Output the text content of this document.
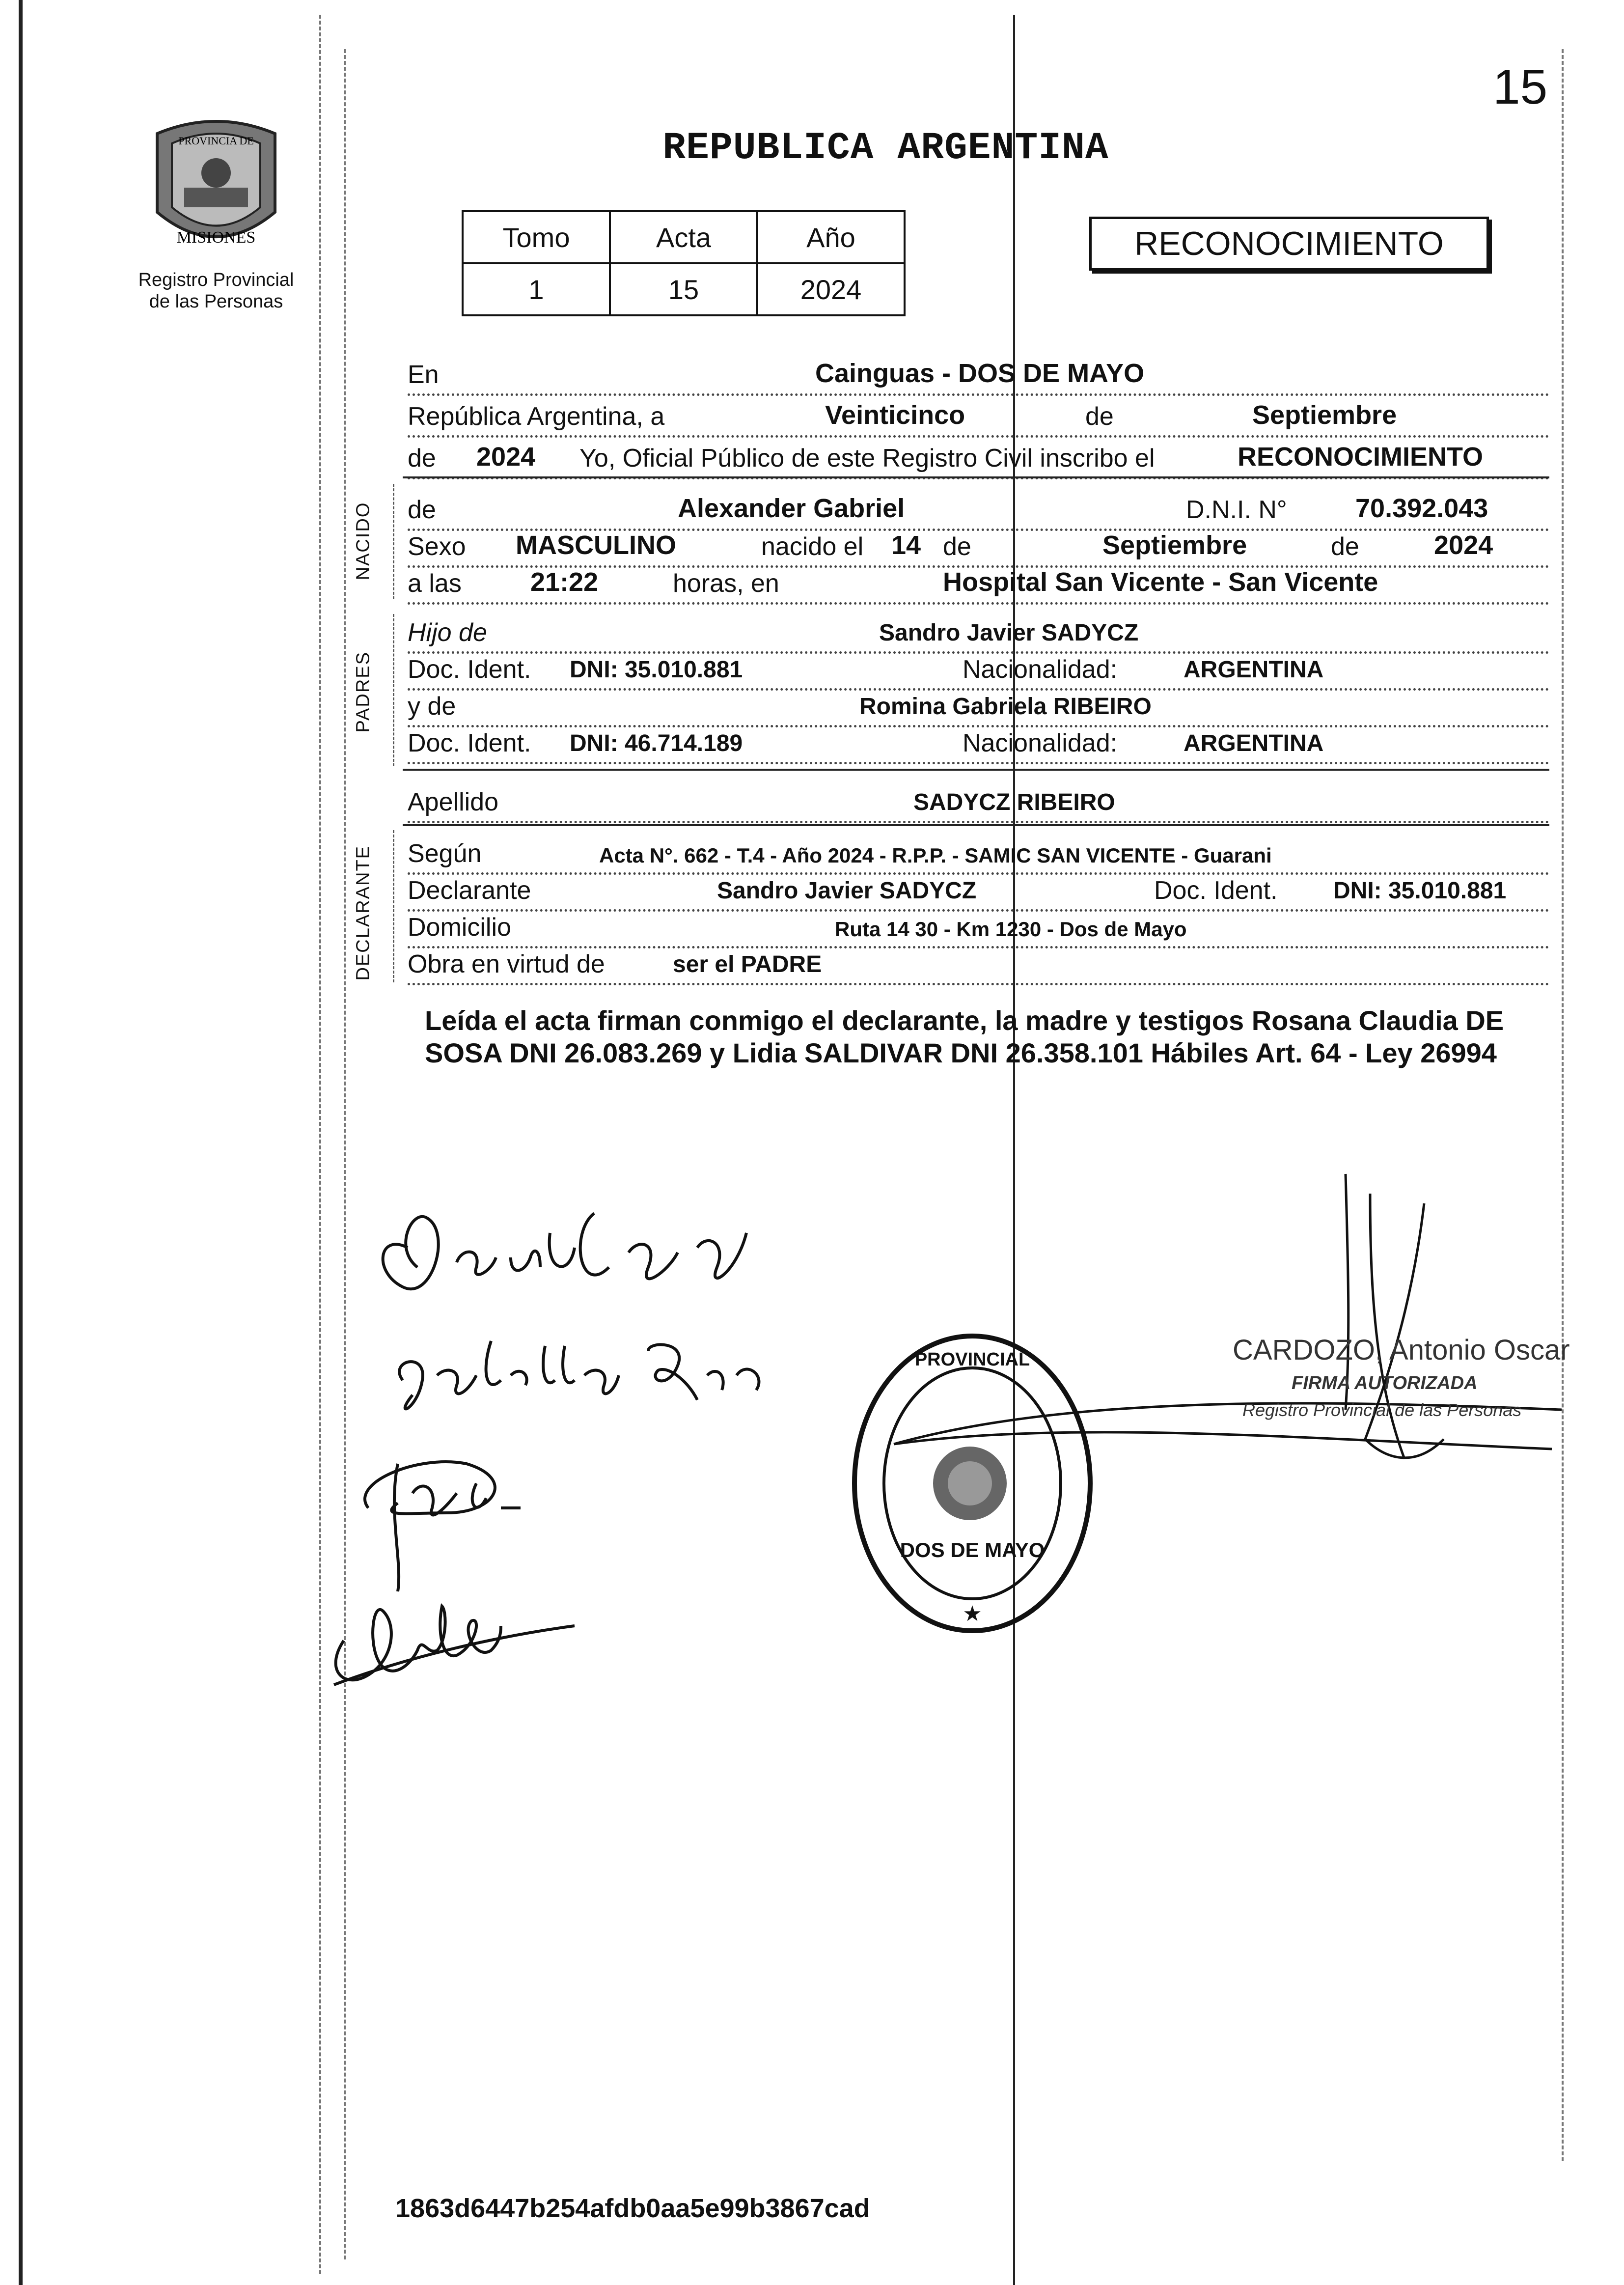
15
PROVINCIA DE
MISIONES
Registro Provincial
de las Personas
REPUBLICA ARGENTINA
Tomo	Acta	Año
1	15	2024
RECONOCIMIENTO
En	Cainguas - DOS DE MAYO
República Argentina, a	Veinticinco	de	Septiembre
de 2024 Yo, Oficial Público de este Registro Civil inscribo el	RECONOCIMIENTO
NACIDO de	Alexander Gabriel	D.N.I. N°	70.392.043
Sexo MASCULINO	nacido el 14 de	Septiembre	de	2024
a las	21:22	horas, en	Hospital San Vicente - San Vicente
PADRES
Hijo de	Sandro Javier SADYCZ
Doc. Ident. DNI: 35.010.881	Nacionalidad:	ARGENTINA
y de	Romina Gabriela RIBEIRO
Doc. Ident. DNI: 46.714.189	Nacionalidad:	ARGENTINA
Apellido	SADYCZ RIBEIRO
DECLARANTE Según	Acta N°. 662 - T.4 - Año 2024 - R.P.P. - SAMIC SAN VICENTE - Guarani
Declarante	Sandro Javier SADYCZ	Doc. Ident. DNI: 35.010.881
Domicilio	Ruta 14 30 - Km 1230 - Dos de Mayo
Obra en virtud de	ser el PADRE
Leída el acta firman conmigo el declarante, la madre y testigos Rosana Claudia DE SOSA DNI 26.083.269 y Lidia SALDIVAR DNI 26.358.101 Hábiles Art. 64 - Ley 26994
PROVINCIAL
DOS DE MAYO
★
CARDOZO, Antonio Oscar
FIRMA AUTORIZADA
Registro Provincial de las Personas
1863d6447b254afdb0aa5e99b3867cad
